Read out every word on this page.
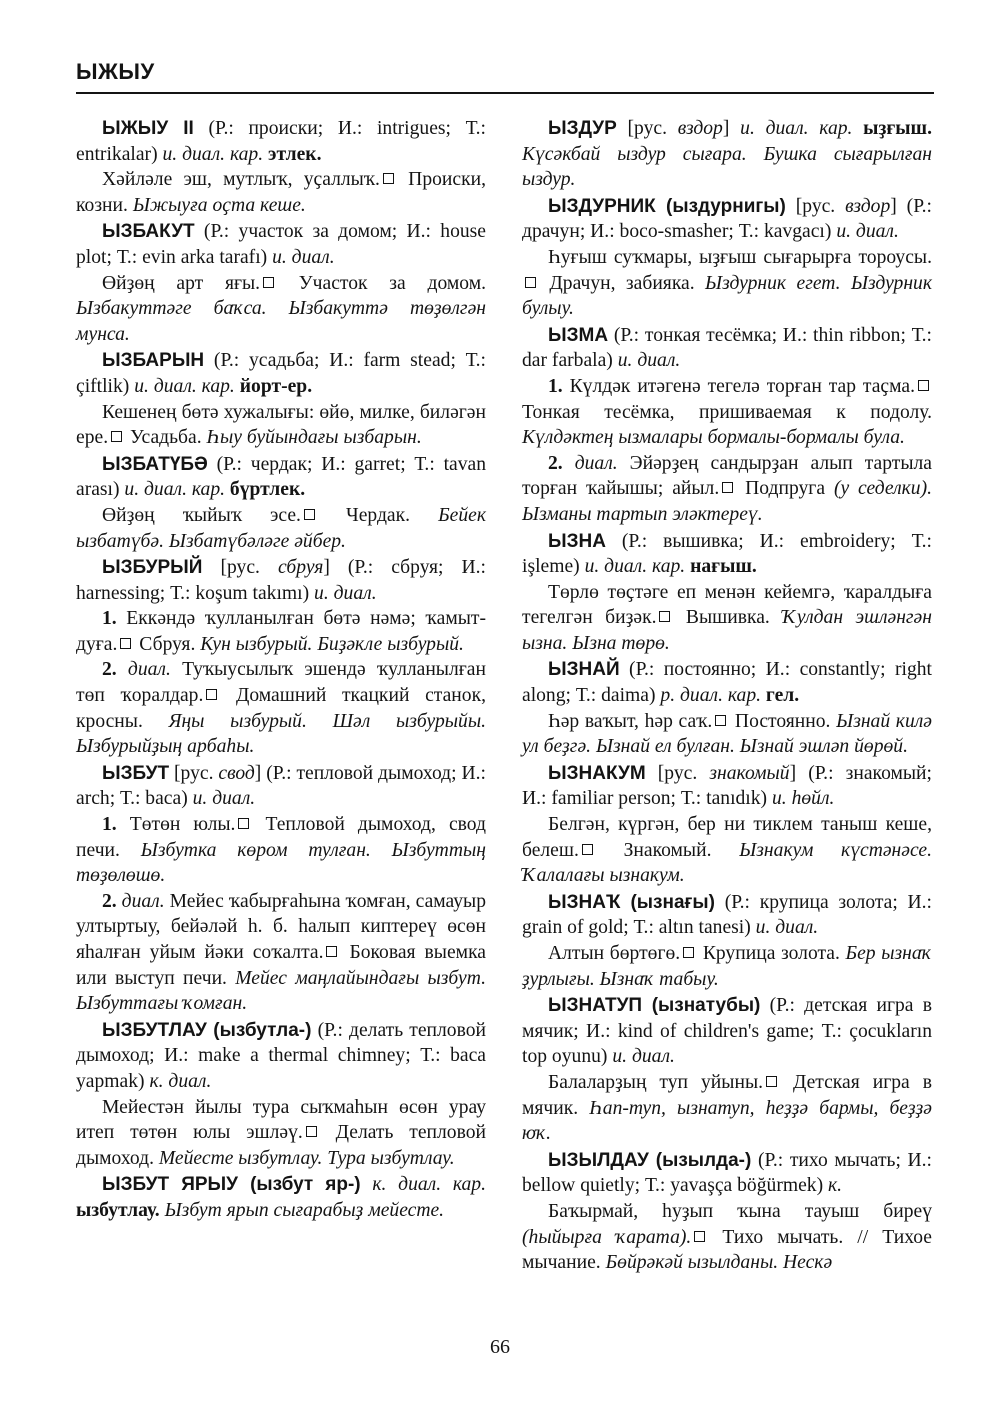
ЫЖЫУ

ЫЖЫУ II (Р.: происки; И.: intrigues; Т.: entrikalar) и. диал. кар. этлек.

Хәйләле эш, мутлыҡ, уҫаллыҡ. Происки, козни. Ыжыуға оҫта кеше.

ЫЗБАКУТ (Р.: участок за домом; И.: house plot; Т.: evin arka tarafı) и. диал.

Өйҙөң арт яғы. Участок за домом. Ызбакуттәге баҡса. Ызбакуттә төҙөлгән мунса.

ЫЗБАРЫН (Р.: усадьба; И.: farm stead; Т.: çiftlik) и. диал. кар. йорт-ер.

Кешенең бөтә хужалығы: өйө, милке, биләгән ере. Усадьба. Һыу буйындағы ызбарын.

ЫЗБАТҮБӘ (Р.: чердак; И.: garret; Т.: tavan arası) и. диал. кар. бүртлек.

Өйҙөң ҡыйыҡ эсе. Чердак. Бейек ызбатүбә. Ызбатүбәләге әйбер.

ЫЗБУРЫЙ [рус. сбруя] (Р.: сбруя; И.: harnessing; Т.: koşum takımı) и. диал.

1. Еккәндә ҡулланылған бөтә нәмә; ҡамыт-дуға. Сбруя. Кун ызбурый. Биҙәкле ызбурый.

2. диал. Туҡыусылыҡ эшендә ҡулланылған төп ҡоралдар. Домашний ткацкий станок, кросны. Яңы ызбурый. Шәл ызбурыйы. Ызбурыйҙың арбаһы.

ЫЗБУТ [рус. свод] (Р.: тепловой дымоход; И.: arch; Т.: baca) и. диал.

1. Төтөн юлы. Тепловой дымоход, свод печи. Ызбутка көром тулған. Ызбуттың төҙөлөшө.

2. диал. Мейес ҡабырғаһына ҡомған, самауыр ултыртыу, бейәләй һ. б. һалып киптереү өсөн яһалған уйым йәки соҡалта. Боковая выемка или выступ печи. Мейес маңлайындағы ызбут. Ызбуттағы ҡомған.

ЫЗБУТЛАУ (ызбутла-) (Р.: делать тепловой дымоход; И.: make a thermal chimney; Т.: baca yapmak) к. диал.

Мейестән йылы тура сыҡмаһын өсөн урау итеп төтөн юлы эшләү. Делать тепловой дымоход. Мейесте ызбутлау. Тура ызбутлау.

ЫЗБУТ ЯРЫУ (ызбут яр-) к. диал. кар. ызбутлау. Ызбут ярып сығарабыҙ мейесте.

ЫЗДУР [рус. вздор] и. диал. кар. ыҙғыш. Күсәкбай ыздур сығара. Бушка сығарылған ыздур.

ЫЗДУРНИК (ыздурнигы) [рус. вздор] (Р.: драчун; И.: boco-smasher; Т.: kavgacı) и. диал.

Һуғыш суҡмары, ыҙғыш сығарырға тороусы. Драчун, забияка. Ыздурник егет. Ыздурник булыу.

ЫЗМА (Р.: тонкая тесёмка; И.: thin ribbon; Т.: dar farbala) и. диал.

1. Күлдәк итәгенә тегелә торған тар таҫма. Тонкая тесёмка, пришиваемая к подолу. Күлдәктең ызмалары бормалы-бормалы була.

2. диал. Эйәрҙең сандырҙан алып тартыла торған ҡайышы; айыл. Подпруга (у седелки). Ызманы тартып эләктереү.

ЫЗНА (Р.: вышивка; И.: embroidery; Т.: işleme) и. диал. кар. нағыш.

Төрлө төҫтәге еп менән кейемгә, ҡаралдыға тегелгән биҙәк. Вышивка. Ҡулдан эшләнгән ызна. Ызна төрө.

ЫЗНАЙ (Р.: постоянно; И.: constantly; right along; Т.: daima) р. диал. кар. гел.

Һәр ваҡыт, һәр саҡ. Постоянно. Ызнай килә ул беҙгә. Ызнай ел булған. Ызнай эшләп йөрөй.

ЫЗНАКУМ [рус. знакомый] (Р.: знакомый; И.: familiar person; Т.: tanıdık) и. һөйл.

Белгән, күргән, бер ни тиклем таныш кеше, белеш. Знакомый. Ызнакум күстәнәсе. Ҡалалағы ызнакум.

ЫЗНАҠ (ызнағы) (Р.: крупица золота; И.: grain of gold; Т.: altın tanesi) и. диал.

Алтын бөртөгө. Крупица золота. Бер ызнаҡ ҙурлығы. Ызнаҡ табыу.

ЫЗНАТУП (ызнатубы) (Р.: детская игра в мячик; И.: kind of children's game; Т.: çocukların top oyunu) и. диал.

Балаларҙың туп уйыны. Детская игра в мячик. Һап-туп, ызнатуп, һеҙҙә бармы, беҙҙә юҡ.

ЫЗЫЛДАУ (ызылда-) (Р.: тихо мычать; И.: bellow quietly; Т.: yavaşça böğürmek) к.

Баҡырмай, һуҙып ҡына тауыш биреү (һыйырға ҡарата). Тихо мычать. // Тихое мычание. Бөйрәкәй ызылданы. Нескә

66
